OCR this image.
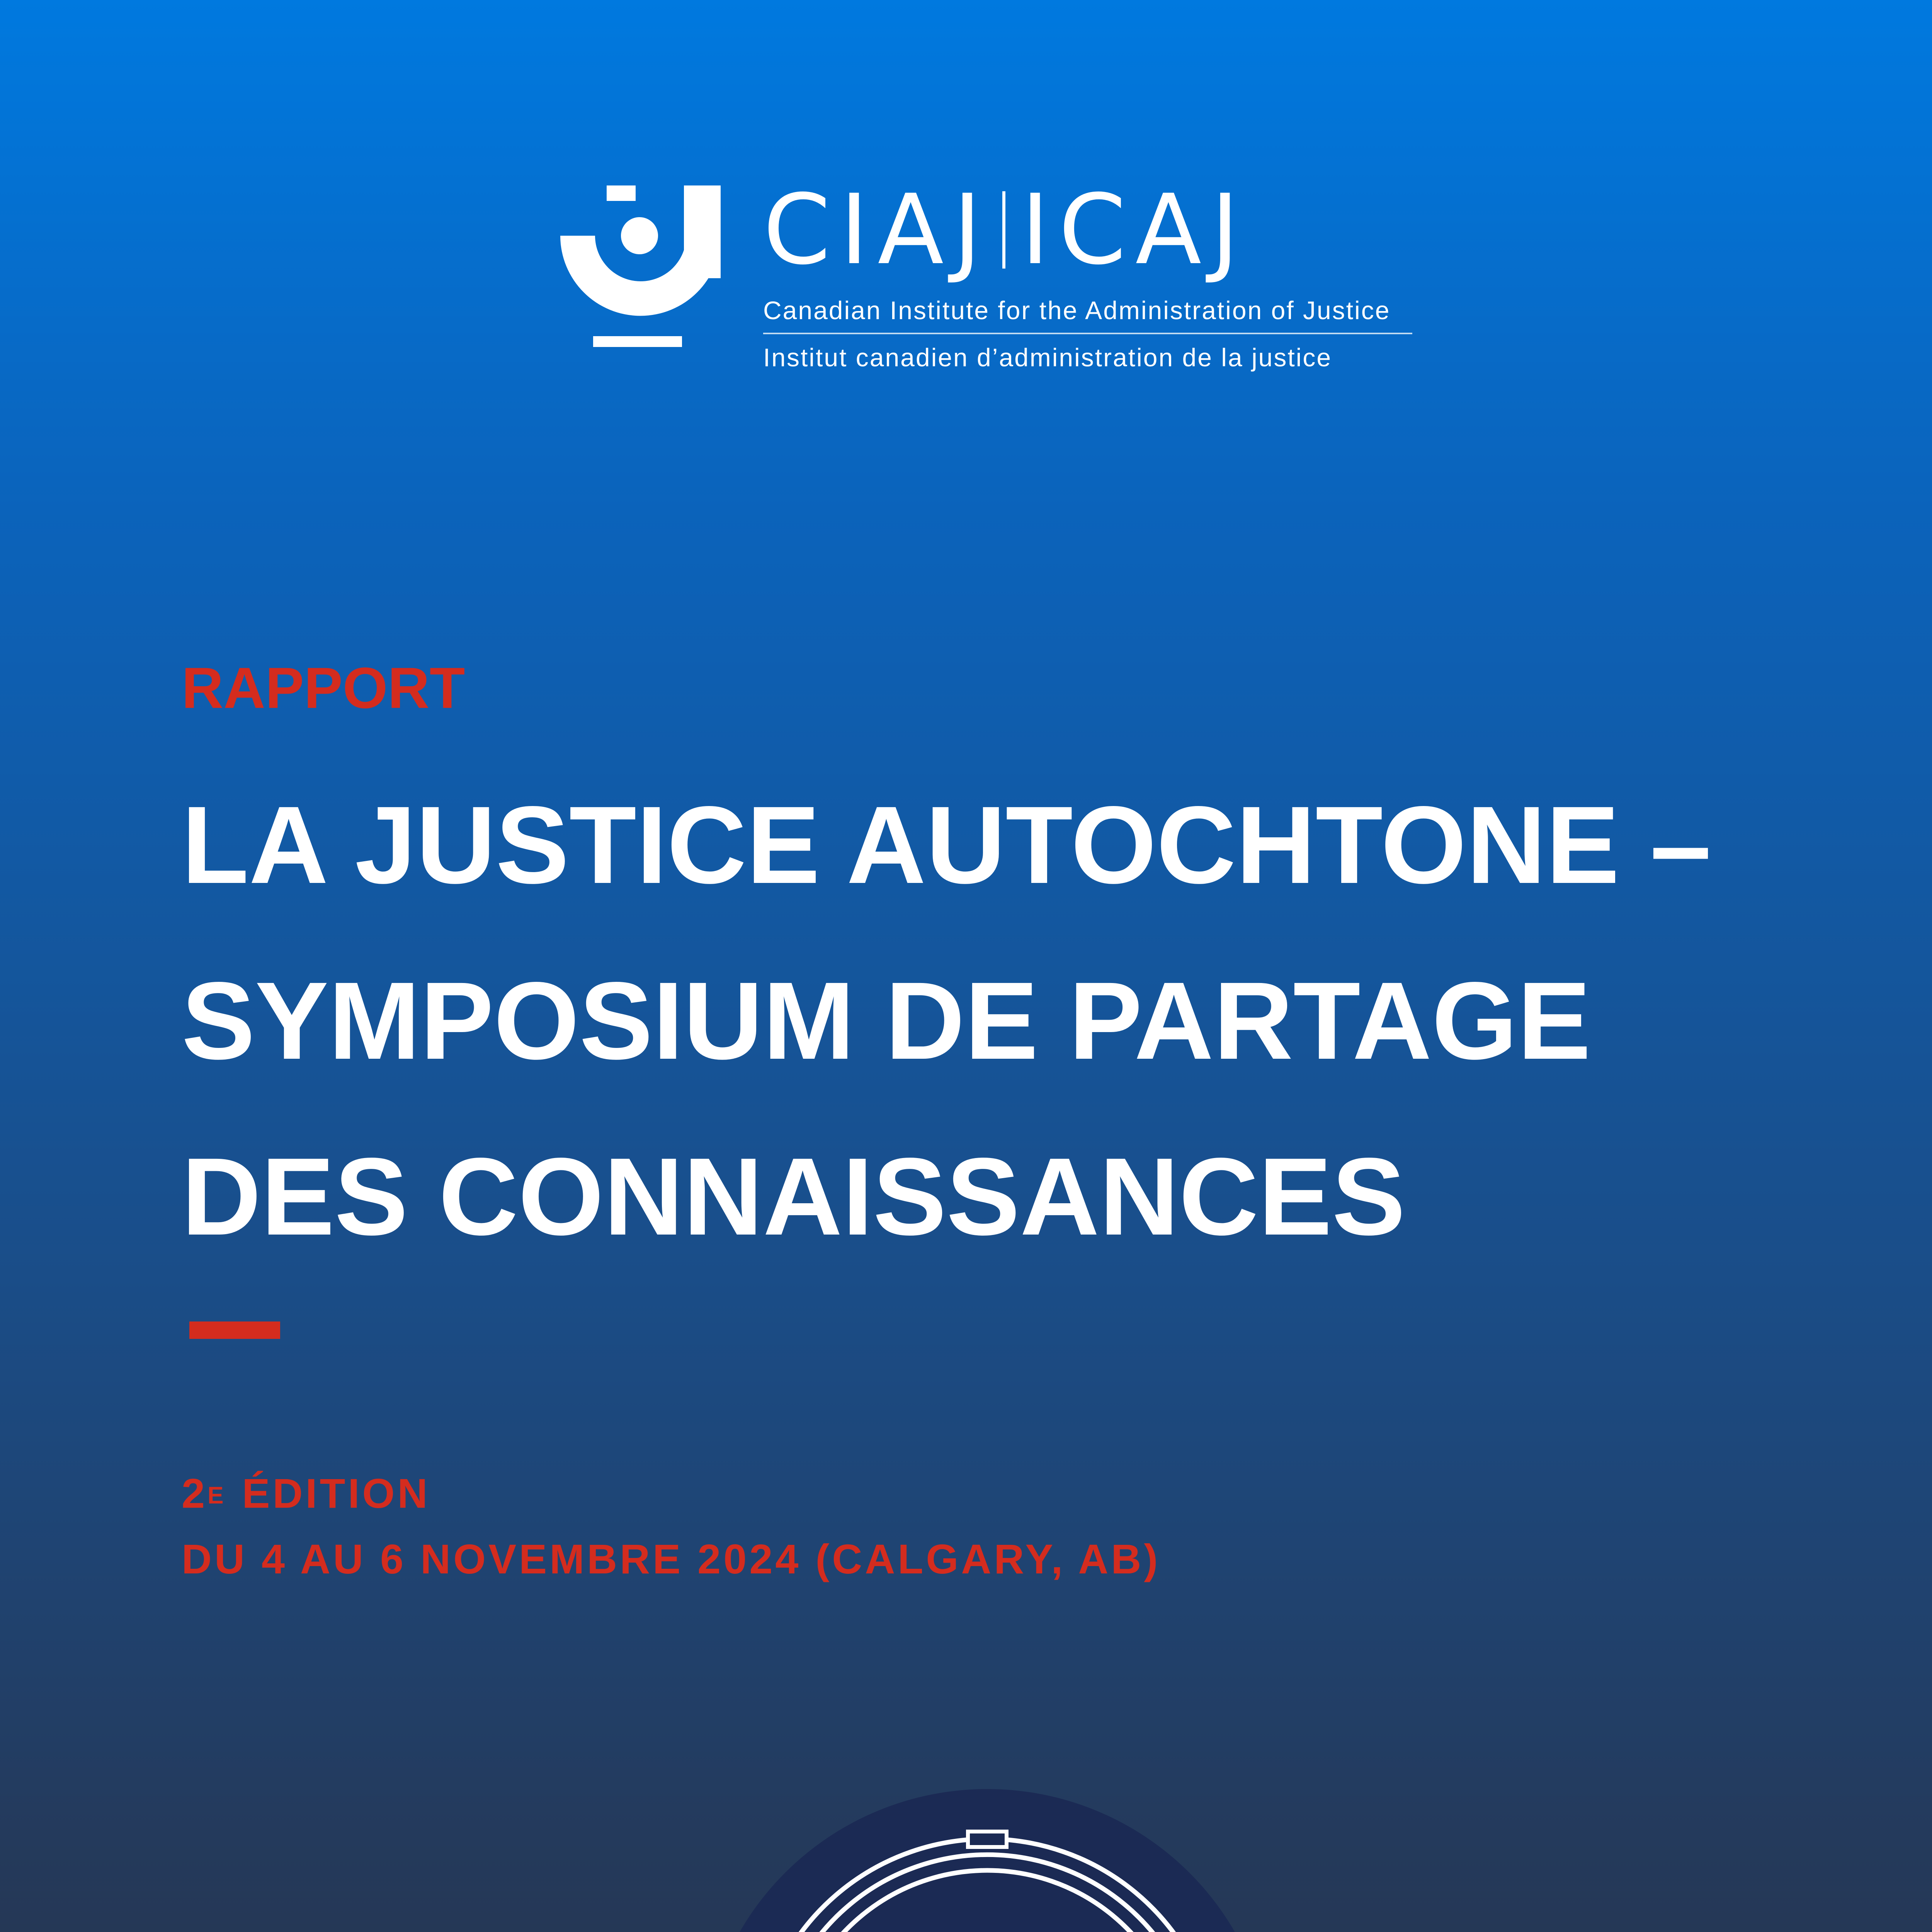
CIAJ ICAJ
Canadian Institute for the Administration of Justice
Institut canadien d’administration de la justice
RAPPORT
LA JUSTICE AUTOCHTONE –
SYMPOSIUM DE PARTAGE
DES CONNAISSANCES
$2^E$ ÉDITION
DU 4 AU 6 NOVEMBRE 2024 (CALGARY, AB)
